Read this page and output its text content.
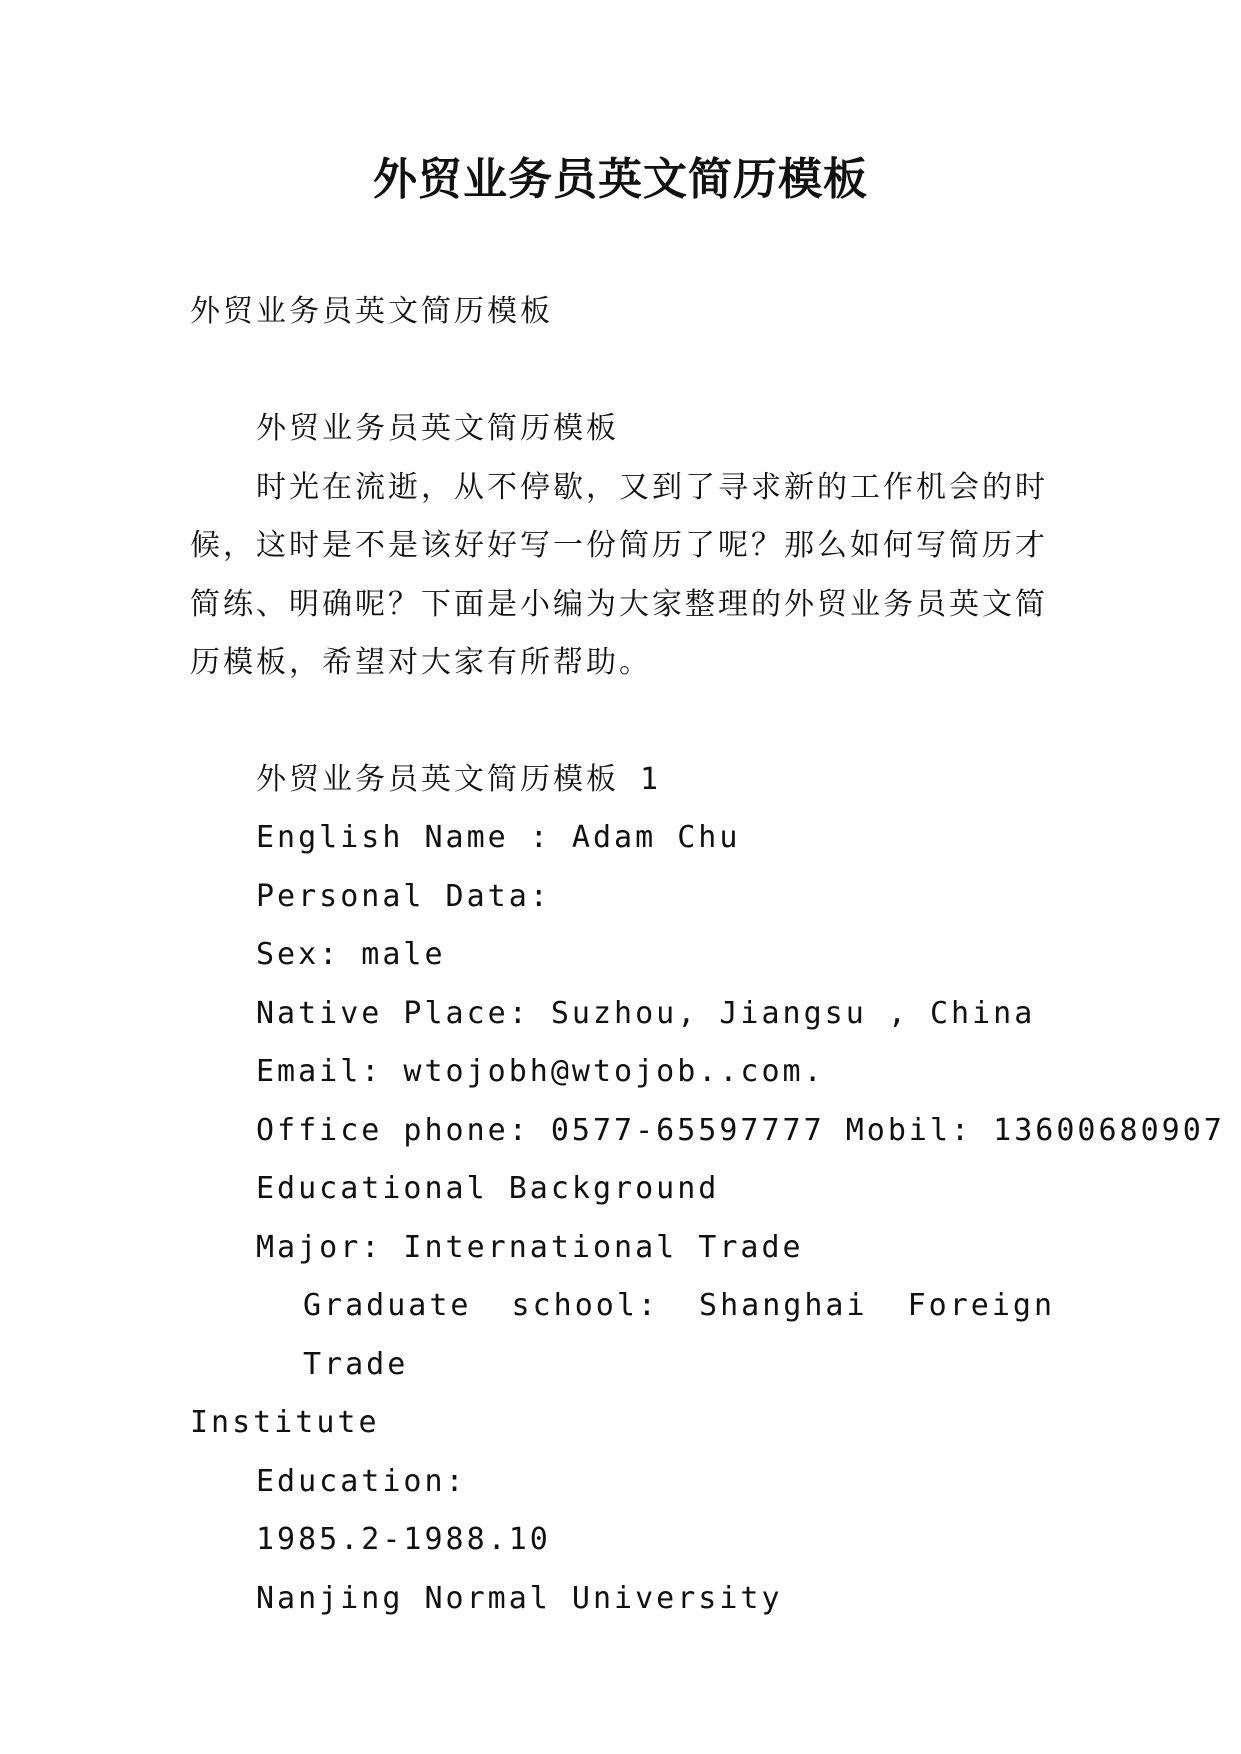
外贸业务员英文简历模板
外贸业务员英文简历模板
外贸业务员英文简历模板
时光在流逝，从不停歇，又到了寻求新的工作机会的时候，这时是不是该好好写一份简历了呢？那么如何写简历才简练、明确呢？下面是小编为大家整理的外贸业务员英文简历模板，希望对大家有所帮助。
外贸业务员英文简历模板 1
English Name : Adam Chu
Personal Data:
Sex: male
Native Place: Suzhou, Jiangsu , China
Email: wtojobh@wtojob..com.
Office phone: 0577-65597777 Mobil: 13600680907
Educational Background
Major: International Trade
Graduate school: Shanghai Foreign Trade
Institute
Education:
1985.2-1988.10
Nanjing Normal University
